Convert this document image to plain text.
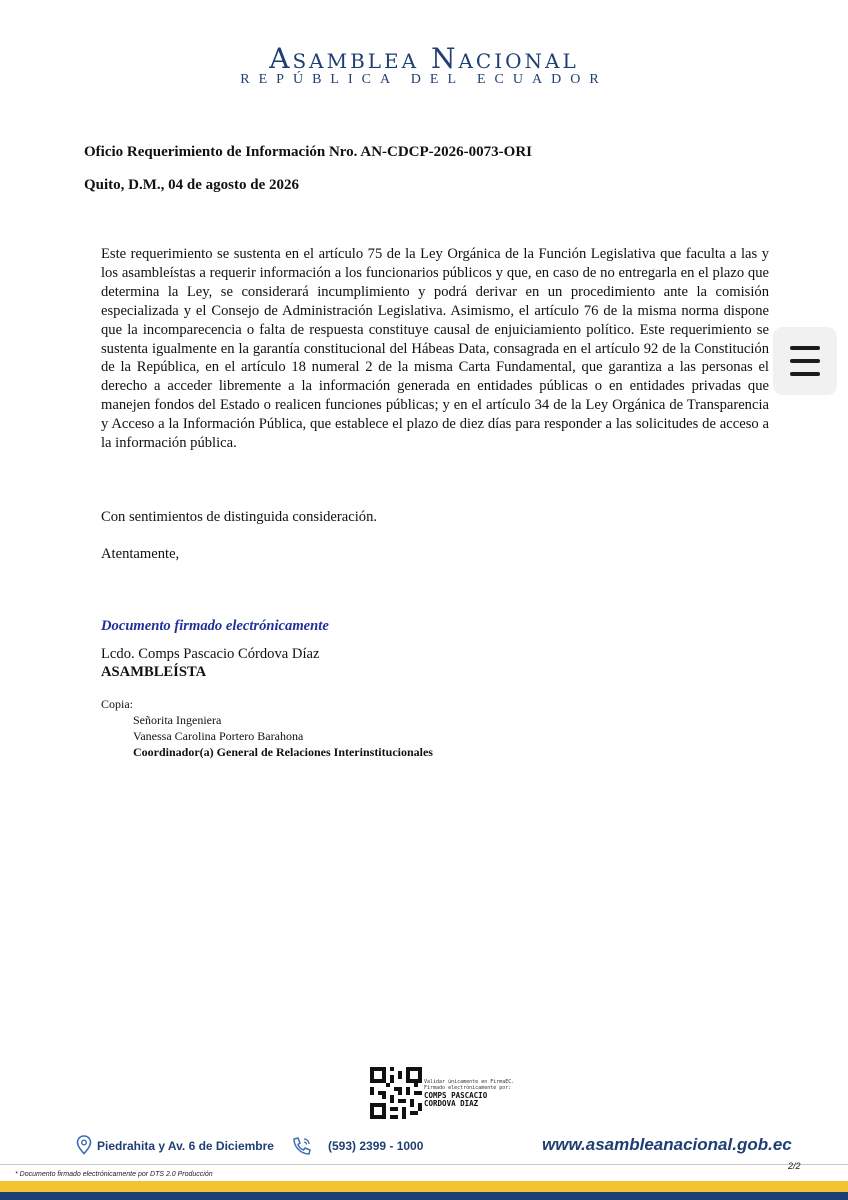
Asamblea Nacional
REPÚBLICA DEL ECUADOR
Oficio Requerimiento de Información Nro. AN-CDCP-2026-0073-ORI
Quito, D.M., 04 de agosto de 2026
Este requerimiento se sustenta en el artículo 75 de la Ley Orgánica de la Función Legislativa que faculta a las y los asambleístas a requerir información a los funcionarios públicos y que, en caso de no entregarla en el plazo que determina la Ley, se considerará incumplimiento y podrá derivar en un procedimiento ante la comisión especializada y el Consejo de Administración Legislativa. Asimismo, el artículo 76 de la misma norma dispone que la incomparecencia o falta de respuesta constituye causal de enjuiciamiento político. Este requerimiento se sustenta igualmente en la garantía constitucional del Hábeas Data, consagrada en el artículo 92 de la Constitución de la República, en el artículo 18 numeral 2 de la misma Carta Fundamental, que garantiza a las personas el derecho a acceder libremente a la información generada en entidades públicas o en entidades privadas que manejen fondos del Estado o realicen funciones públicas; y en el artículo 34 de la Ley Orgánica de Transparencia y Acceso a la Información Pública, que establece el plazo de diez días para responder a las solicitudes de acceso a la información pública.
Con sentimientos de distinguida consideración.
Atentamente,
Documento firmado electrónicamente
Lcdo. Comps Pascacio Córdova Díaz
ASAMBLEÍSTA
Copia:
Señorita Ingeniera
Vanessa Carolina Portero Barahona
Coordinador(a) General de Relaciones Interinstitucionales
Validar únicamente en FirmaEC. Firmado electrónicamente por:
COMPS PASCACIO
CORDOVA DIAZ
Piedrahita y Av. 6 de Diciembre	(593) 2399 - 1000	www.asambleanacional.gob.ec
* Documento firmado electrónicamente por DTS 2.0 Producción
2/2
